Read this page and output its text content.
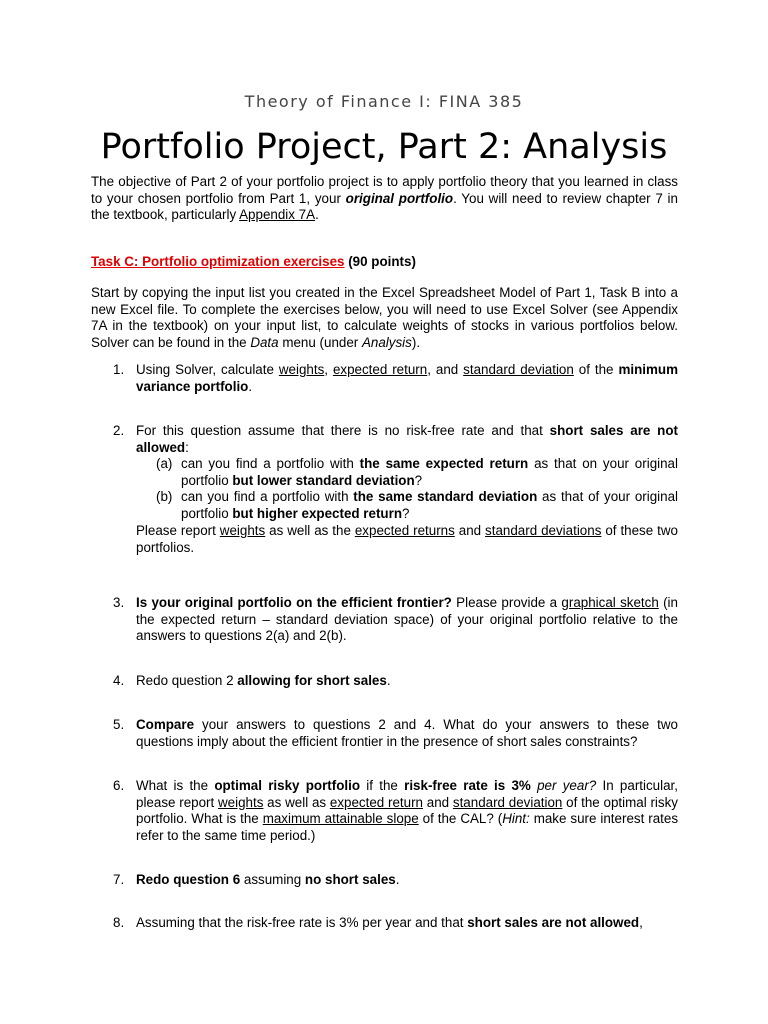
Theory of Finance I: FINA 385
Portfolio Project, Part 2: Analysis
The objective of Part 2 of your portfolio project is to apply portfolio theory that you learned in class to your chosen portfolio from Part 1, your original portfolio. You will need to review chapter 7 in the textbook, particularly Appendix 7A.
Task C: Portfolio optimization exercises (90 points)
Start by copying the input list you created in the Excel Spreadsheet Model of Part 1, Task B into a new Excel file. To complete the exercises below, you will need to use Excel Solver (see Appendix 7A in the textbook) on your input list, to calculate weights of stocks in various portfolios below. Solver can be found in the Data menu (under Analysis).
1. Using Solver, calculate weights, expected return, and standard deviation of the minimum variance portfolio.
2. For this question assume that there is no risk-free rate and that short sales are not allowed:
(a) can you find a portfolio with the same expected return as that on your original portfolio but lower standard deviation?
(b) can you find a portfolio with the same standard deviation as that of your original portfolio but higher expected return?
Please report weights as well as the expected returns and standard deviations of these two portfolios.
3. Is your original portfolio on the efficient frontier? Please provide a graphical sketch (in the expected return – standard deviation space) of your original portfolio relative to the answers to questions 2(a) and 2(b).
4. Redo question 2 allowing for short sales.
5. Compare your answers to questions 2 and 4. What do your answers to these two questions imply about the efficient frontier in the presence of short sales constraints?
6. What is the optimal risky portfolio if the risk-free rate is 3% per year? In particular, please report weights as well as expected return and standard deviation of the optimal risky portfolio. What is the maximum attainable slope of the CAL? (Hint: make sure interest rates refer to the same time period.)
7. Redo question 6 assuming no short sales.
8. Assuming that the risk-free rate is 3% per year and that short sales are not allowed,
